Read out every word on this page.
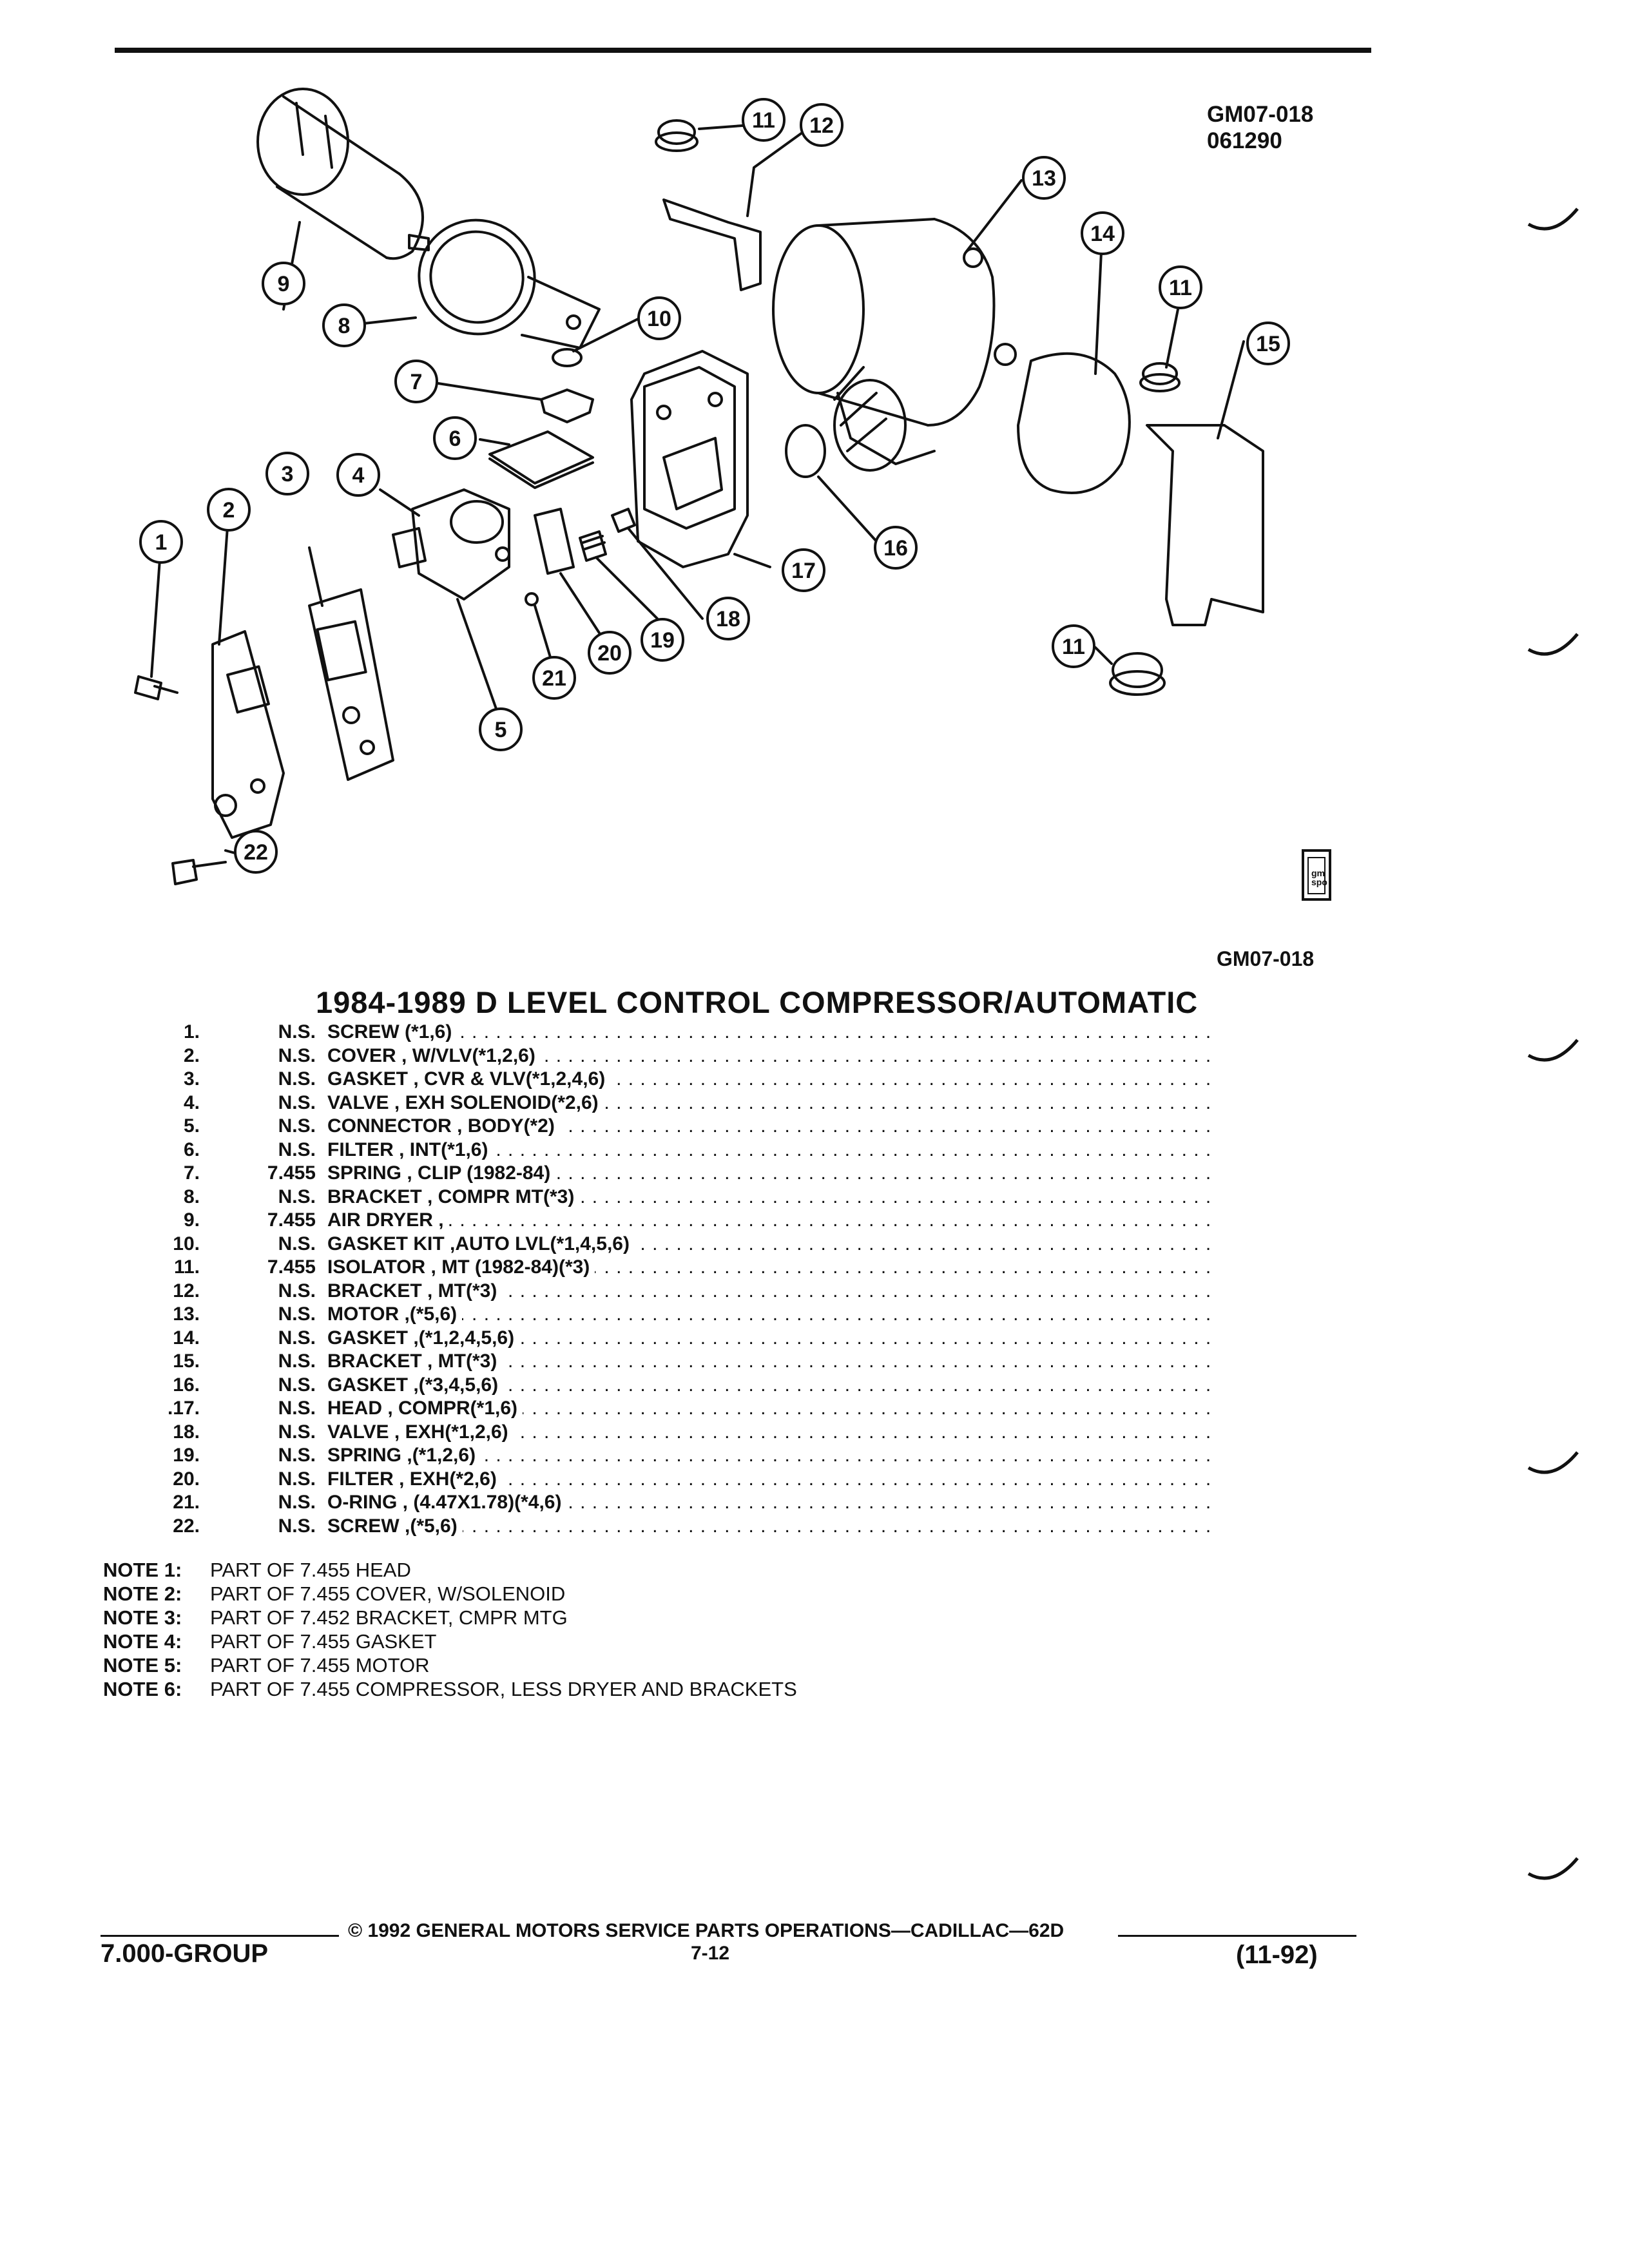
GM07-018
061290
1
2
3	4
5
6
7
8
9
10
11 12
13
14
11
15
16
17
18
19
20
21
11
22
gm spo
GM07-018
1984-1989 D LEVEL CONTROL COMPRESSOR/AUTOMATIC
1.	N.S. SCREW (*1,6) . . .
2.	N.S. COVER , W/VLV(*1,2,6) . . .
3.	N.S. GASKET , CVR & VLV(*1,2,4,6) . . .
4.	N.S. VALVE , EXH SOLENOID(*2,6) . . .
5.	N.S. CONNECTOR , BODY(*2) . . .
6.	N.S. FILTER , INT(*1,6) . . .
7.	7.455 SPRING , CLIP (1982-84) . . .
8.	N.S. BRACKET , COMPR MT(*3) . . .
9.	7.455 AIR DRYER , . . .
10.	N.S. GASKET KIT ,AUTO LVL(*1,4,5,6) . . .
11.	7.455 ISOLATOR , MT (1982-84)(*3) . . .
12.	N.S. BRACKET , MT(*3) . . .
13.	N.S. MOTOR ,(*5,6) . . .
14.	N.S. GASKET ,(*1,2,4,5,6) . . .
15.	N.S. BRACKET , MT(*3) . . .
16.	N.S. GASKET ,(*3,4,5,6) . . .
.17.	N.S. HEAD , COMPR(*1,6) . . .
18.	N.S. VALVE , EXH(*1,2,6) . . .
19.	N.S. SPRING ,(*1,2,6) . . .
20.	N.S. FILTER , EXH(*2,6) . . .
21.	N.S. O-RING , (4.47X1.78)(*4,6) . . .
22.	N.S. SCREW ,(*5,6) . . .
NOTE 1: PART OF 7.455 HEAD
NOTE 2: PART OF 7.455 COVER, W/SOLENOID
NOTE 3: PART OF 7.452 BRACKET, CMPR MTG
NOTE 4: PART OF 7.455 GASKET
NOTE 5: PART OF 7.455 MOTOR
NOTE 6: PART OF 7.455 COMPRESSOR, LESS DRYER AND BRACKETS
© 1992 GENERAL MOTORS SERVICE PARTS OPERATIONS—CADILLAC—62D
7.000-GROUP	7-12	(11-92)
